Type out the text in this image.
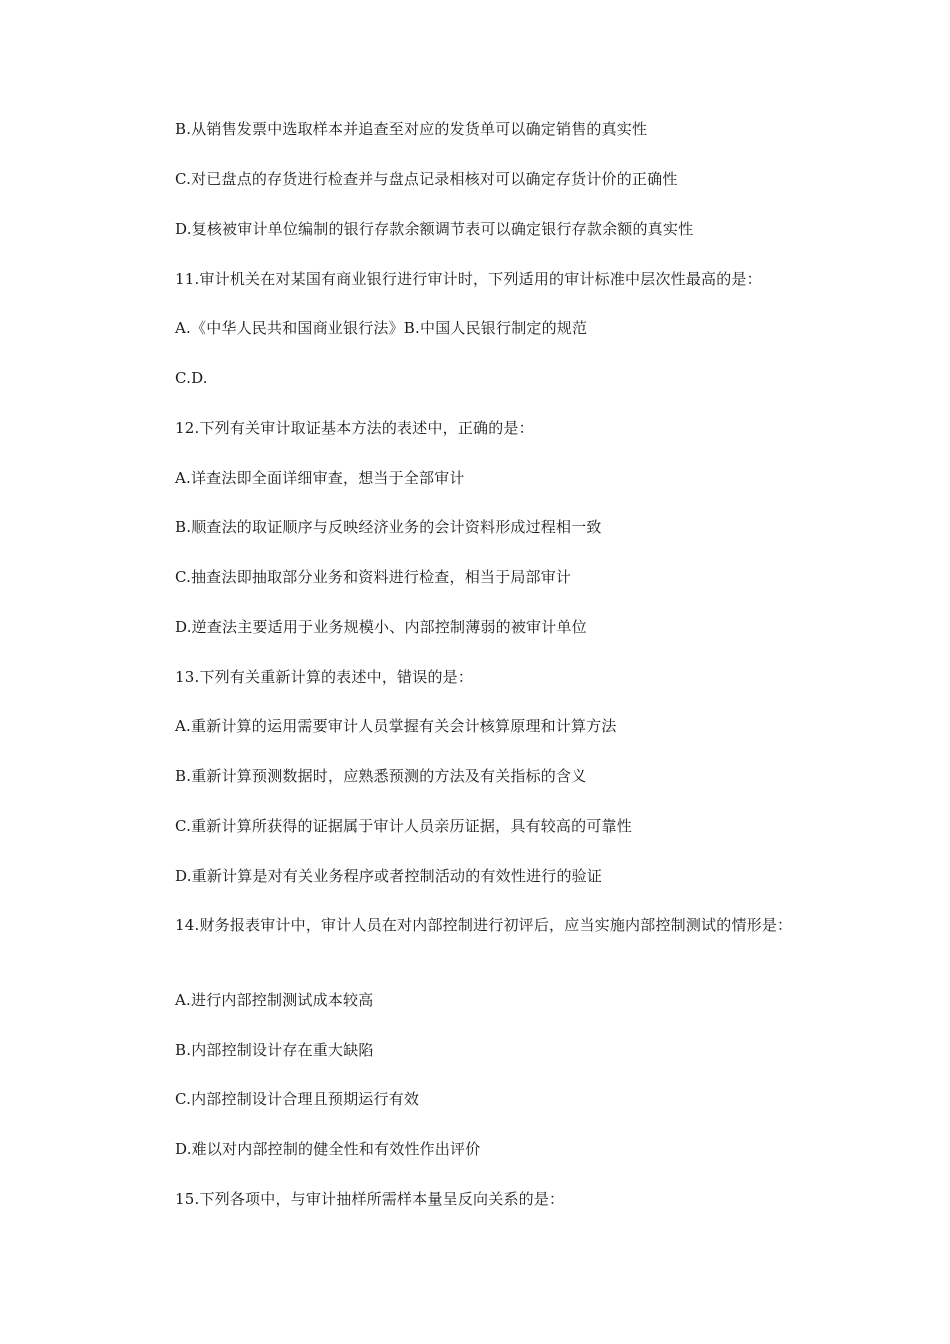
B.从销售发票中选取样本并追查至对应的发货单可以确定销售的真实性
C.对已盘点的存货进行检查并与盘点记录相核对可以确定存货计价的正确性
D.复核被审计单位编制的银行存款余额调节表可以确定银行存款余额的真实性
11.审计机关在对某国有商业银行进行审计时，下列适用的审计标准中层次性最高的是：
A.《中华人民共和国商业银行法》B.中国人民银行制定的规范
C.D.
12.下列有关审计取证基本方法的表述中，正确的是：
A.详查法即全面详细审查，想当于全部审计
B.顺查法的取证顺序与反映经济业务的会计资料形成过程相一致
C.抽查法即抽取部分业务和资料进行检查，相当于局部审计
D.逆查法主要适用于业务规模小、内部控制薄弱的被审计单位
13.下列有关重新计算的表述中，错误的是：
A.重新计算的运用需要审计人员掌握有关会计核算原理和计算方法
B.重新计算预测数据时，应熟悉预测的方法及有关指标的含义
C.重新计算所获得的证据属于审计人员亲历证据，具有较高的可靠性
D.重新计算是对有关业务程序或者控制活动的有效性进行的验证
14.财务报表审计中，审计人员在对内部控制进行初评后，应当实施内部控制测试的情形是：
A.进行内部控制测试成本较高
B.内部控制设计存在重大缺陷
C.内部控制设计合理且预期运行有效
D.难以对内部控制的健全性和有效性作出评价
15.下列各项中，与审计抽样所需样本量呈反向关系的是：
